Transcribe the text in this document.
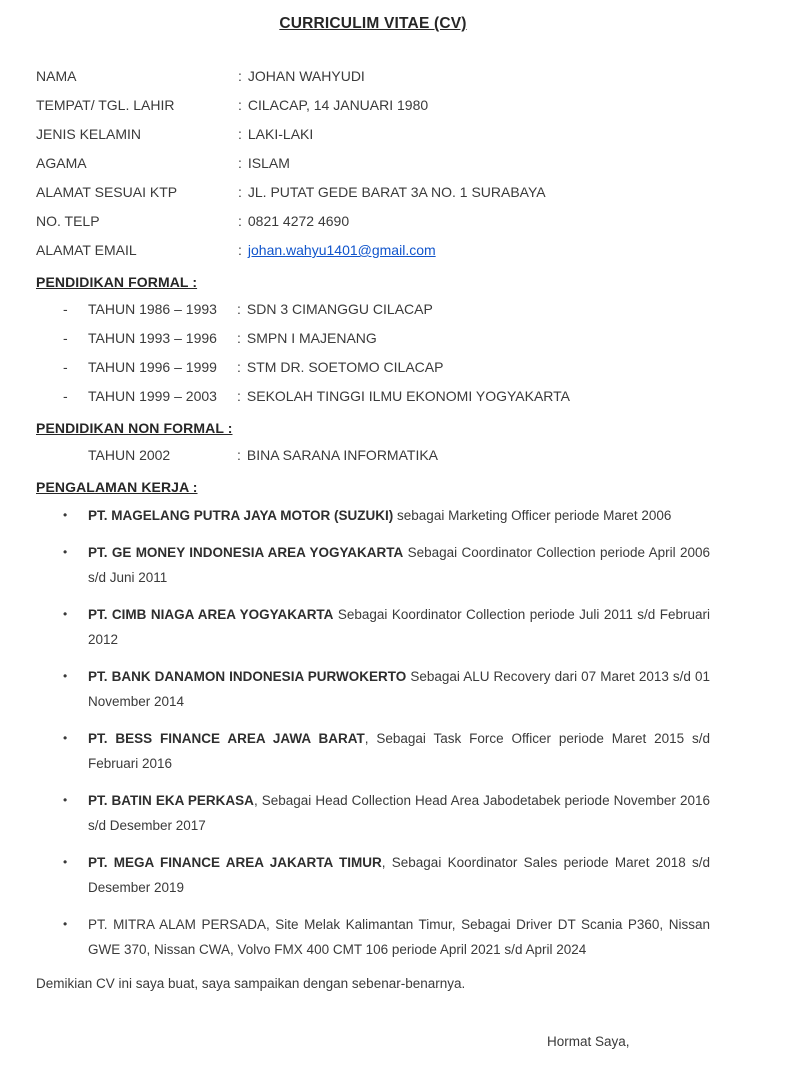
CURRICULIM VITAE (CV)
NAMA	: JOHAN WAHYUDI
TEMPAT/ TGL. LAHIR	: CILACAP, 14 JANUARI 1980
JENIS KELAMIN	: LAKI-LAKI
AGAMA	: ISLAM
ALAMAT SESUAI KTP	: JL. PUTAT GEDE BARAT 3A NO. 1 SURABAYA
NO. TELP	: 0821 4272 4690
ALAMAT EMAIL	: johan.wahyu1401@gmail.com
PENDIDIKAN FORMAL :
-	TAHUN 1986 – 1993	: SDN 3 CIMANGGU CILACAP
-	TAHUN 1993 – 1996	: SMPN I MAJENANG
-	TAHUN 1996 – 1999	: STM DR. SOETOMO CILACAP
-	TAHUN 1999 – 2003	: SEKOLAH TINGGI ILMU EKONOMI YOGYAKARTA
PENDIDIKAN NON FORMAL :
TAHUN 2002	: BINA SARANA INFORMATIKA
PENGALAMAN KERJA :
•	PT. MAGELANG PUTRA JAYA MOTOR (SUZUKI) sebagai Marketing Officer periode Maret 2006
•	PT. GE MONEY INDONESIA AREA YOGYAKARTA Sebagai Coordinator Collection periode April 2006 s/d Juni 2011
•	PT. CIMB NIAGA AREA YOGYAKARTA Sebagai Koordinator Collection periode Juli 2011 s/d Februari 2012
•	PT. BANK DANAMON INDONESIA PURWOKERTO Sebagai ALU Recovery dari 07 Maret 2013 s/d 01 November 2014
•	PT. BESS FINANCE AREA JAWA BARAT, Sebagai Task Force Officer periode Maret 2015 s/d Februari 2016
•	PT. BATIN EKA PERKASA, Sebagai Head Collection Head Area Jabodetabek periode November 2016 s/d Desember 2017
•	PT. MEGA FINANCE AREA JAKARTA TIMUR, Sebagai Koordinator Sales periode Maret 2018 s/d Desember 2019
•	PT. MITRA ALAM PERSADA, Site Melak Kalimantan Timur, Sebagai Driver DT Scania P360, Nissan GWE 370, Nissan CWA, Volvo FMX 400 CMT 106 periode April 2021 s/d April 2024
Demikian CV ini saya buat, saya sampaikan dengan sebenar-benarnya.
Hormat Saya,
